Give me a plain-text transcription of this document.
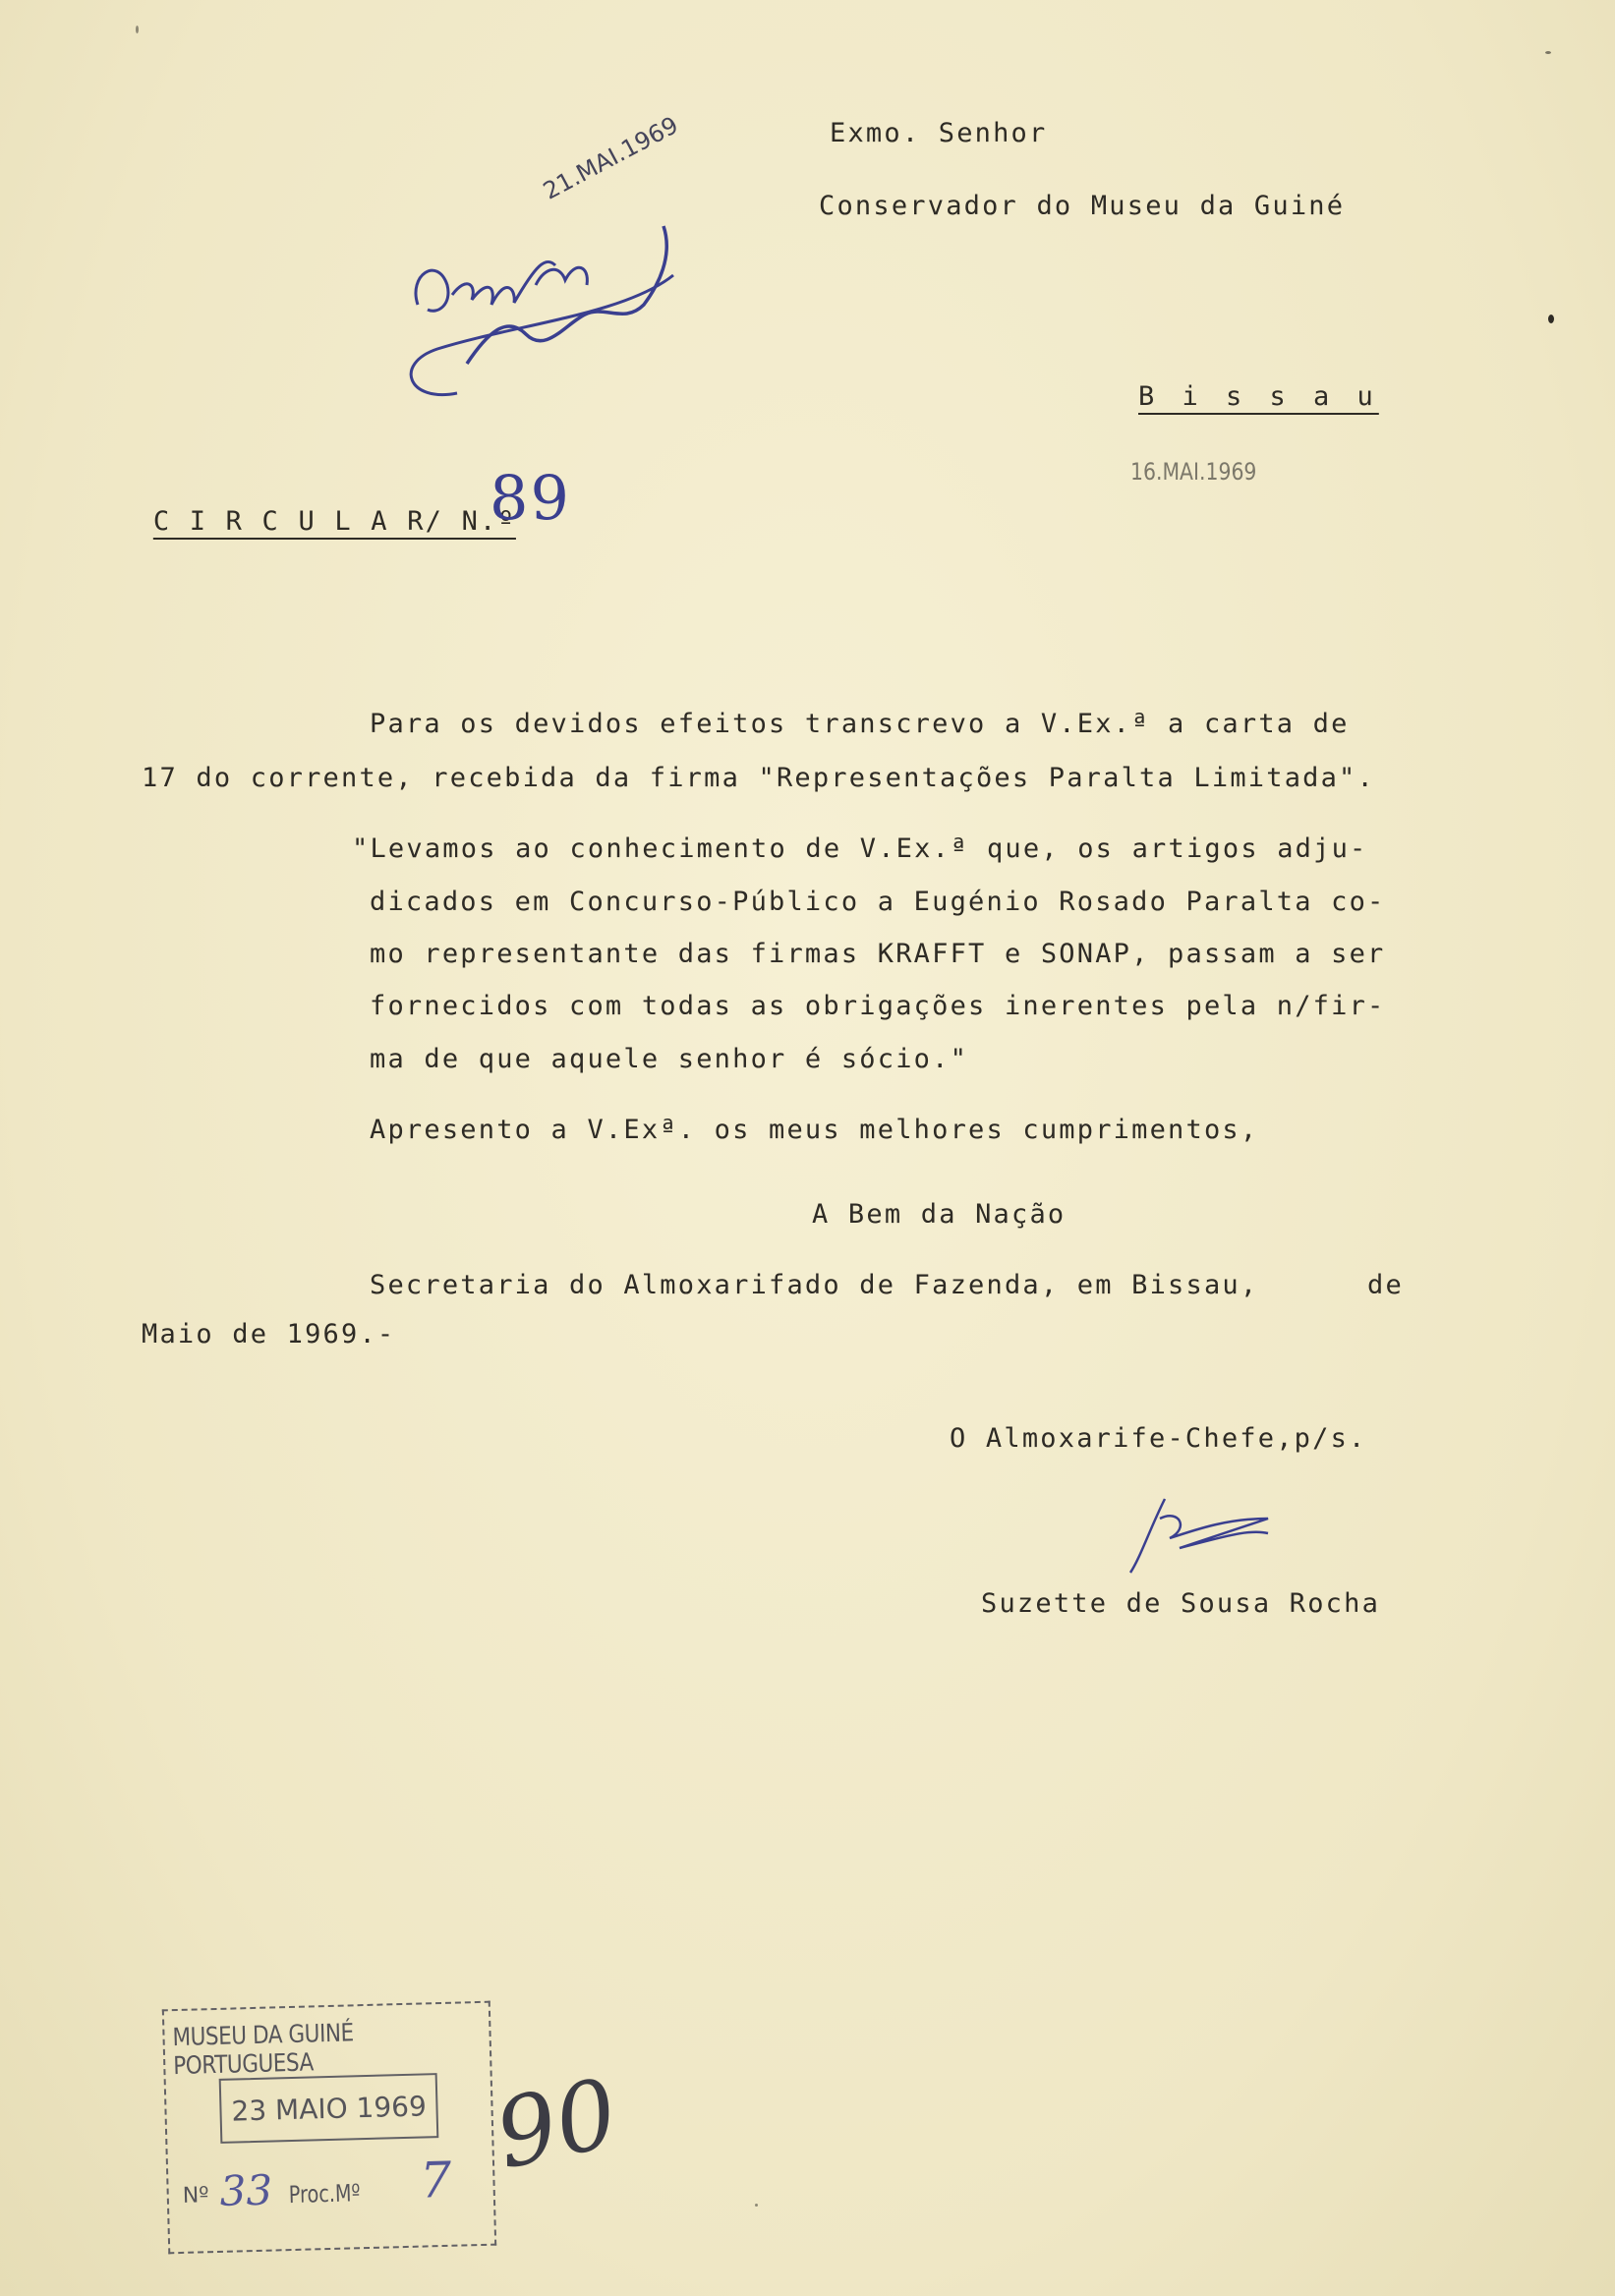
Exmo. Senhor
Conservador do Museu da Guiné
B i s s a u
16.MAI.1969
21.MAI.1969

C I R C U L A R/ N.º

89
Para os devidos efeitos transcrevo a V.Ex.ª a carta de
17 do corrente, recebida da firma "Representações Paralta Limitada".
"Levamos ao conhecimento de V.Ex.ª que, os artigos adju-
dicados em Concurso-Público a Eugénio Rosado Paralta co-
mo representante das firmas KRAFFT e SONAP, passam a ser
fornecidos com todas as obrigações inerentes pela n/fir-
ma de que aquele senhor é sócio."
Apresento a V.Exª. os meus melhores cumprimentos,
A Bem da Nação
Secretaria do Almoxarifado de Fazenda, em Bissau,      de
Maio de 1969.-
O Almoxarife-Chefe,p/s.
Suzette de Sousa Rocha
MUSEU DA GUINÉ PORTUGUESA
23 MAIO 1969
Nº 33 Proc.Mº 7 90
